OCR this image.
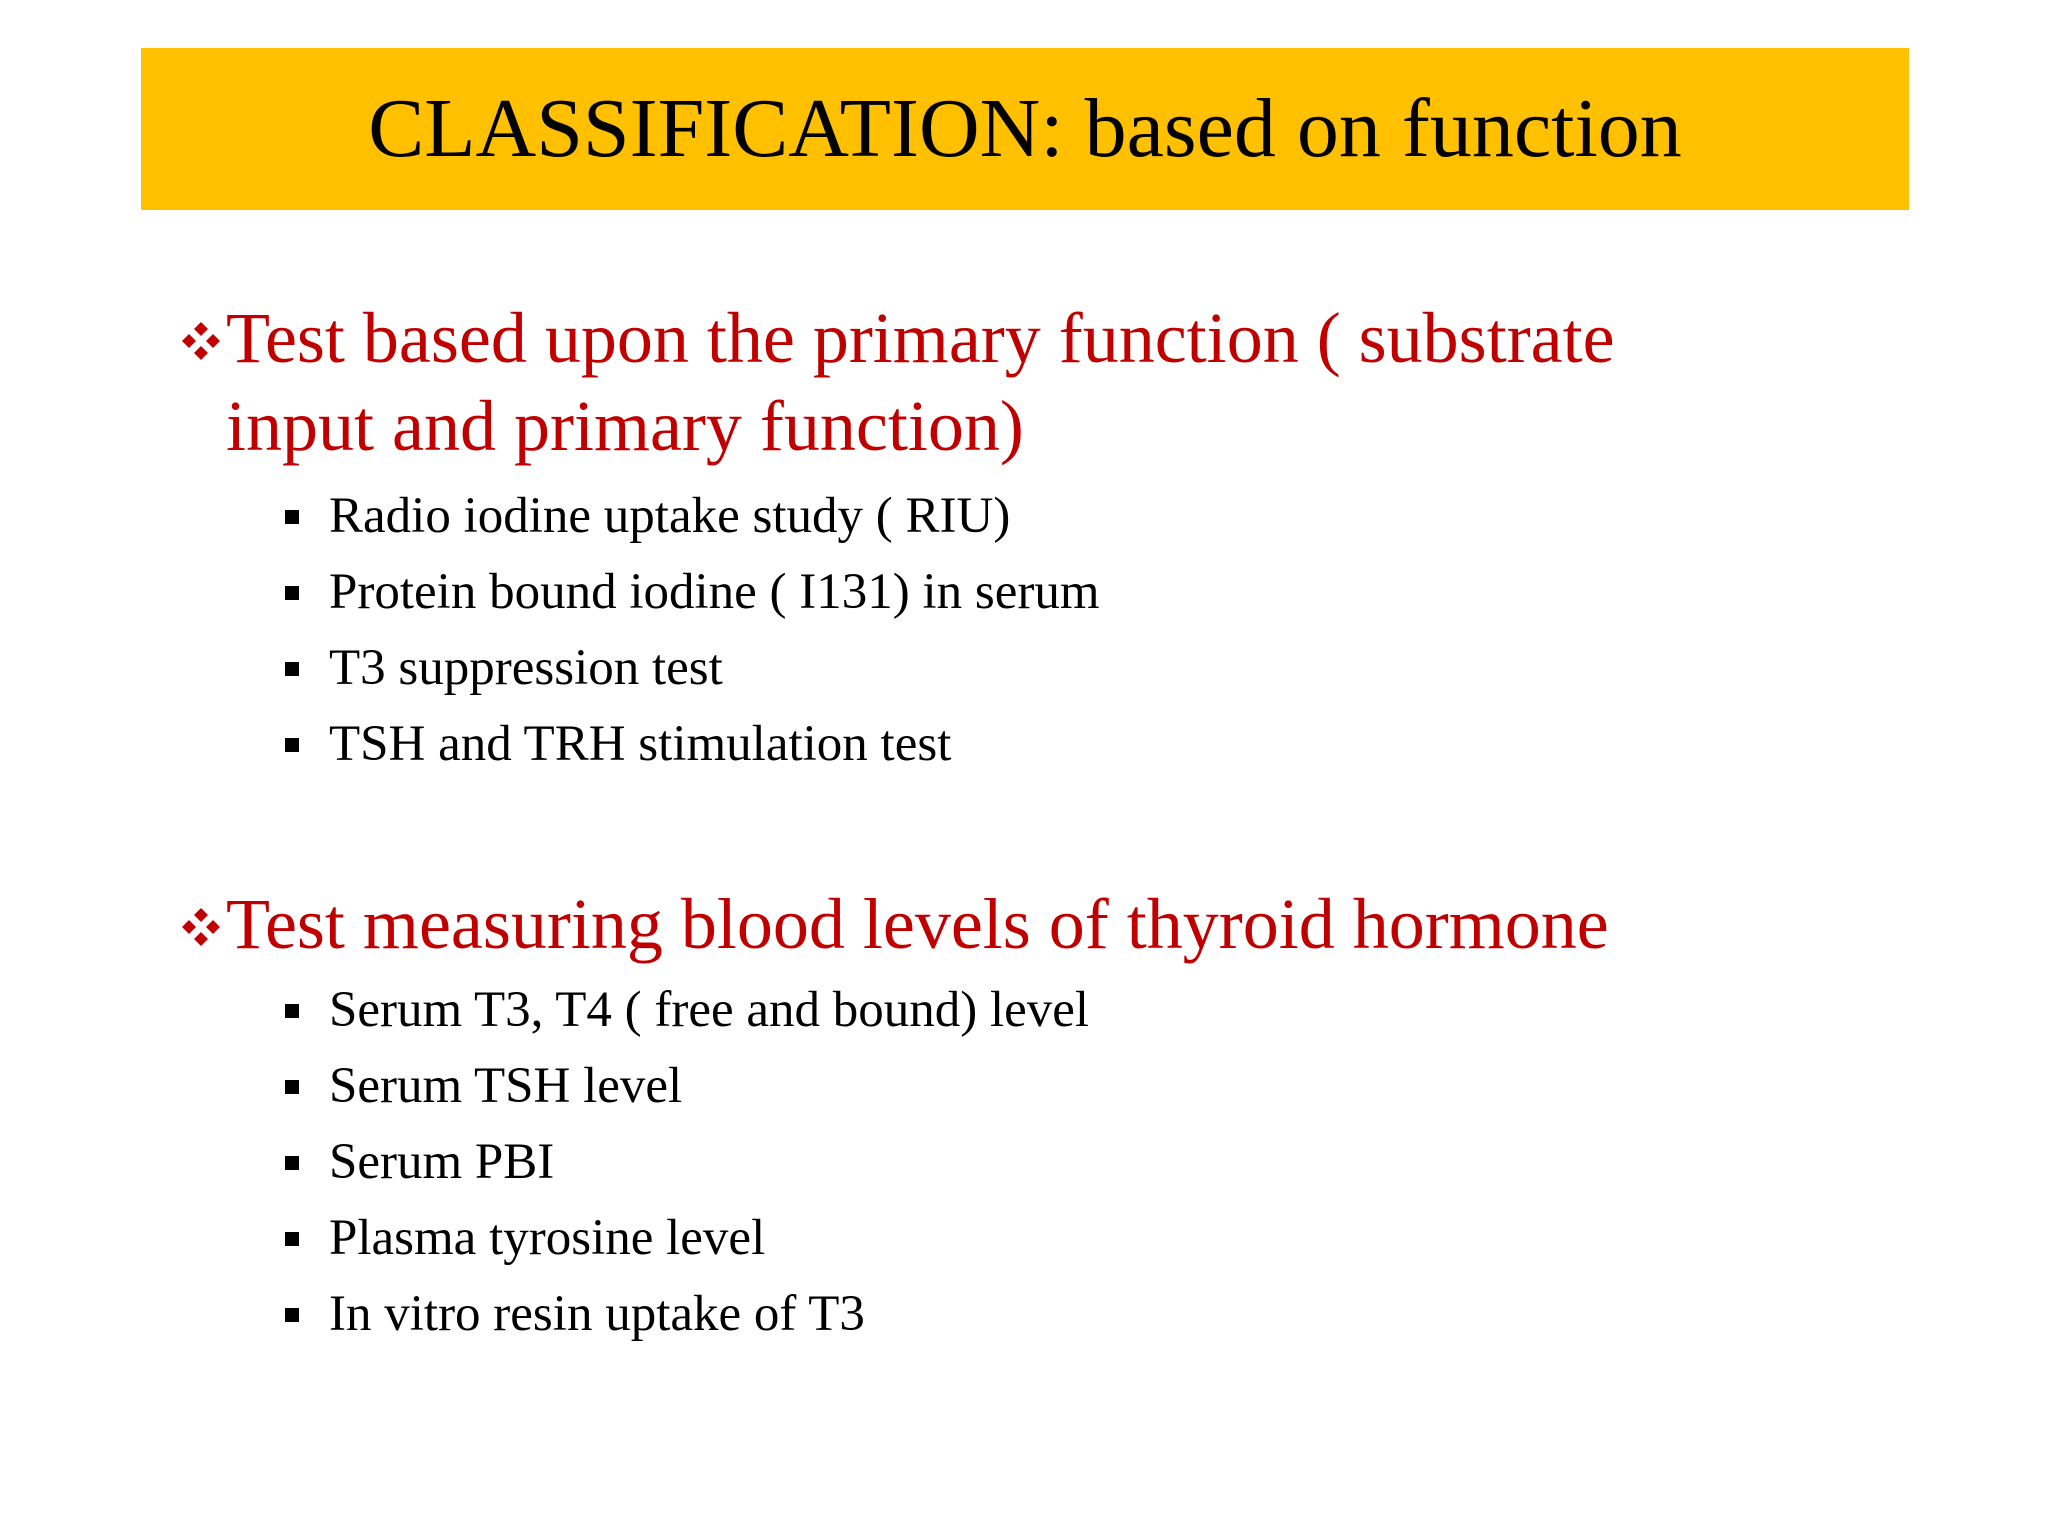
CLASSIFICATION: based on function
Test based upon the primary function ( substrate
input and primary function)
Radio iodine uptake study ( RIU)
Protein bound iodine ( I131) in serum
T3 suppression test
TSH and TRH stimulation test
Test measuring blood levels of thyroid hormone
Serum T3, T4 ( free and bound) level
Serum TSH level
Serum PBI
Plasma tyrosine level
In vitro resin uptake of T3
